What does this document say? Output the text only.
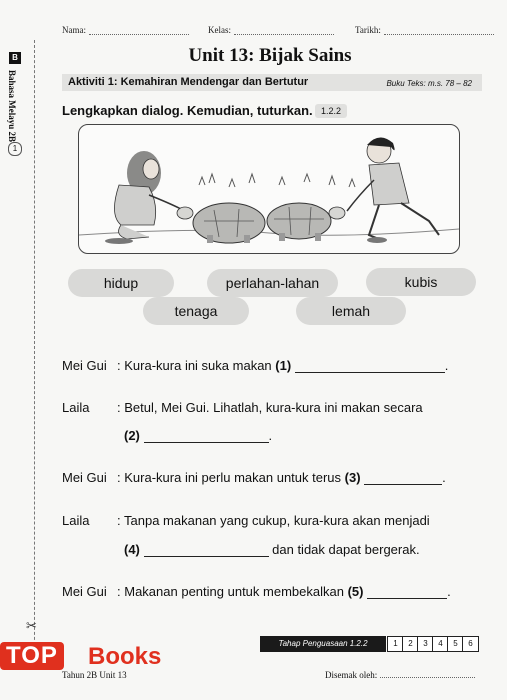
B
Bahasa Melayu 2B
1
✂
Nama:	Kelas:	Tarikh:
Unit 13: Bijak Sains
Aktiviti 1: Kemahiran Mendengar dan Bertutur	Buku Teks: m.s. 78 – 82
Lengkapkan dialog. Kemudian, tuturkan. 1.2.2
hidup	perlahan-lahan	kubis
tenaga	lemah
Mei Gui : Kura-kura ini suka makan (1)	.
Laila : Betul, Mei Gui. Lihatlah, kura-kura ini makan secara
(2)	.
Mei Gui : Kura-kura ini perlu makan untuk terus (3)	.
Laila : Tanpa makanan yang cukup, kura-kura akan menjadi
(4)	dan tidak dapat bergerak.
Mei Gui : Makanan penting untuk membekalkan (5)	.
Tahap Penguasaan 1.2.2	1	2	3	4	5	6
TOP Books
Tahun 2B Unit 13	Disemak oleh:
